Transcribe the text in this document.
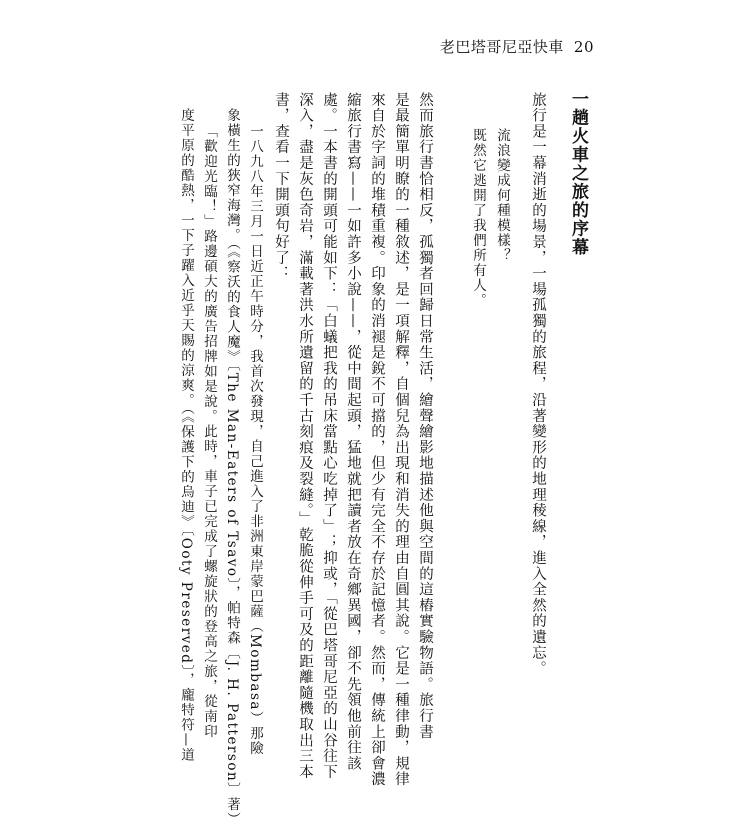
老巴塔哥尼亞快車 20
一趟火車之旅的序幕
旅行是一幕消逝的場景，一場孤獨的旅程，沿著變形的地理稜線，進入全然的遺忘。
流浪變成何種模樣？
既然它逃開了我們所有人。
然而旅行書恰相反，孤獨者回歸日常生活，繪聲繪影地描述他與空間的這樁實驗物語。旅行書
是最簡單明瞭的一種敘述，是一項解釋，自個兒為出現和消失的理由自圓其說。它是一種律動，規律
來自於字詞的堆積重複。印象的消褪是銳不可擋的，但少有完全不存於記憶者。然而，傳統上卻會濃
縮旅行書寫——一如許多小說——，從中間起頭，猛地就把讀者放在奇鄉異國，卻不先領他前往該
處。一本書的開頭可能如下：「白蟻把我的吊床當點心吃掉了」；抑或，「從巴塔哥尼亞的山谷往下
深入，盡是灰色奇岩，滿載著洪水所遺留的千古刻痕及裂縫。」乾脆從伸手可及的距離隨機取出三本
書，查看一下開頭句好了：
一八九八年三月一日近正午時分，我首次發現，自己進入了非洲東岸蒙巴薩（Mombasa）那險
象橫生的狹窄海灣。（《察沃的食人魔》〔The Man-Eaters of Tsavo〕，帕特森〔J. H. Patterson〕著）
「歡迎光臨！」路邊碩大的廣告招牌如是說。此時，車子已完成了螺旋狀的登高之旅，從南印
度平原的酷熱，一下子躍入近乎天賜的涼爽。（《保護下的烏迪》〔Ooty Preserved〕，龐特符—道
